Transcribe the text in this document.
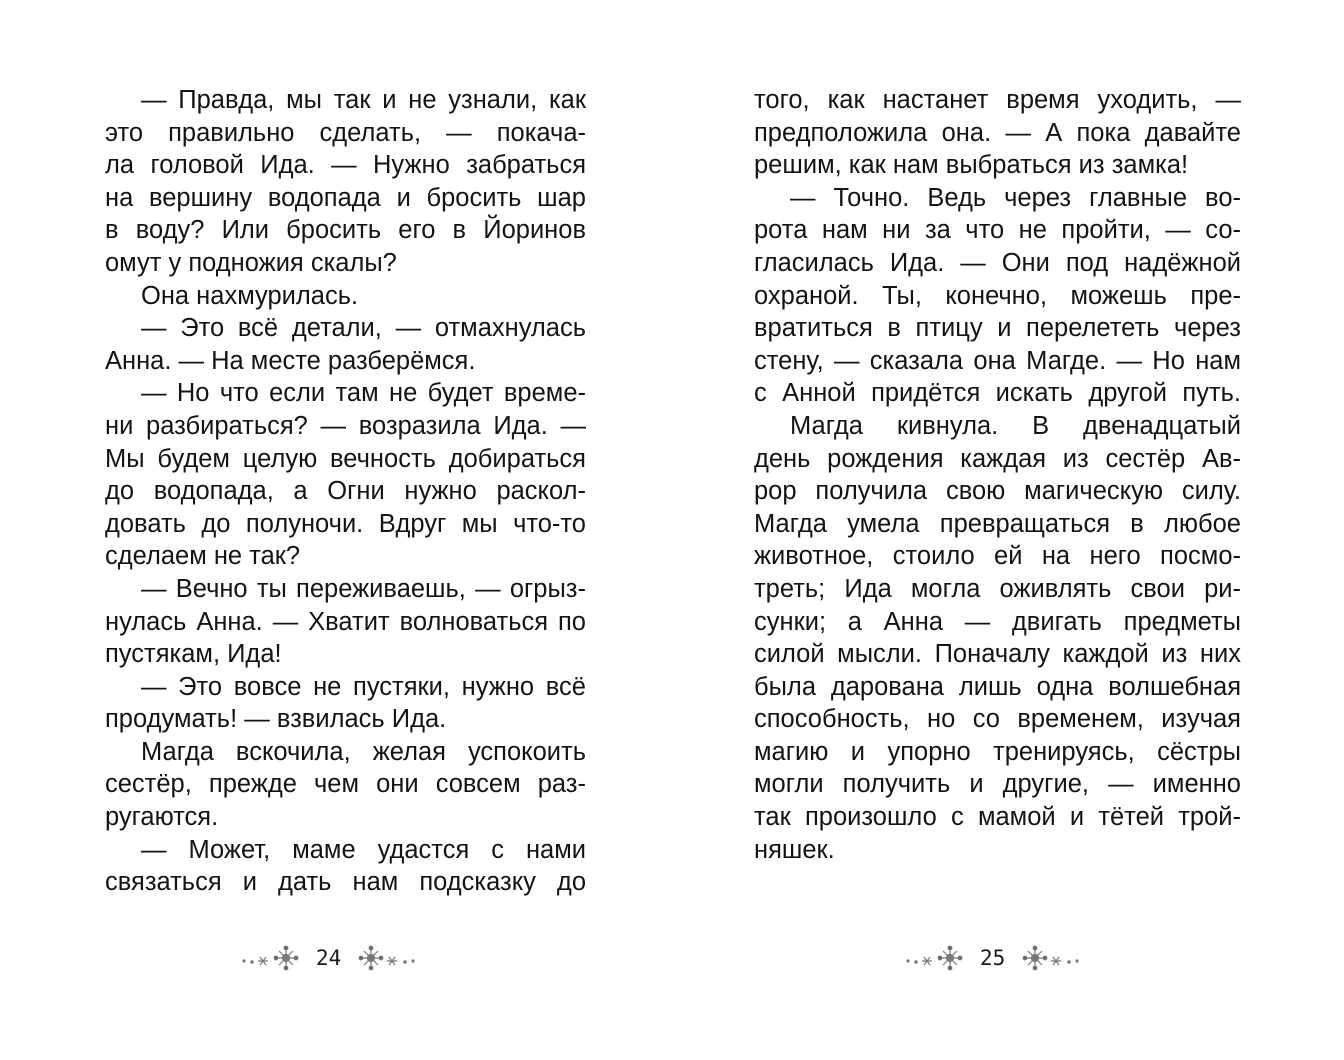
— Правда, мы так и не узнали, как
это правильно сделать, — покача-
ла головой Ида. — Нужно забраться
на вершину водопада и бросить шар
в воду? Или бросить его в Йоринов
омут у подножия скалы?
Она нахмурилась.
— Это всё детали, — отмахнулась
Анна. — На месте разберёмся.
— Но что если там не будет време-
ни разбираться? — возразила Ида. —
Мы будем целую вечность добираться
до водопада, а Огни нужно раскол-
довать до полуночи. Вдруг мы что-то
сделаем не так?
— Вечно ты переживаешь, — огрыз-
нулась Анна. — Хватит волноваться по
пустякам, Ида!
— Это вовсе не пустяки, нужно всё
продумать! — взвилась Ида.
Магда вскочила, желая успокоить
сестёр, прежде чем они совсем раз-
ругаются.
— Может, маме удастся с нами
связаться и дать нам подсказку до
24
того, как настанет время уходить, —
предположила она. — А пока давайте
решим, как нам выбраться из замка!
— Точно. Ведь через главные во-
рота нам ни за что не пройти, — со-
гласилась Ида. — Они под надёжной
охраной. Ты, конечно, можешь пре-
вратиться в птицу и перелететь через
стену, — сказала она Магде. — Но нам
с Анной придётся искать другой путь.
Магда кивнула. В двенадцатый
день рождения каждая из сестёр Ав-
рор получила свою магическую силу.
Магда умела превращаться в любое
животное, стоило ей на него посмо-
треть; Ида могла оживлять свои ри-
сунки; а Анна — двигать предметы
силой мысли. Поначалу каждой из них
была дарована лишь одна волшебная
способность, но со временем, изучая
магию и упорно тренируясь, сёстры
могли получить и другие, — именно
так произошло с мамой и тётей трой-
няшек.
25
